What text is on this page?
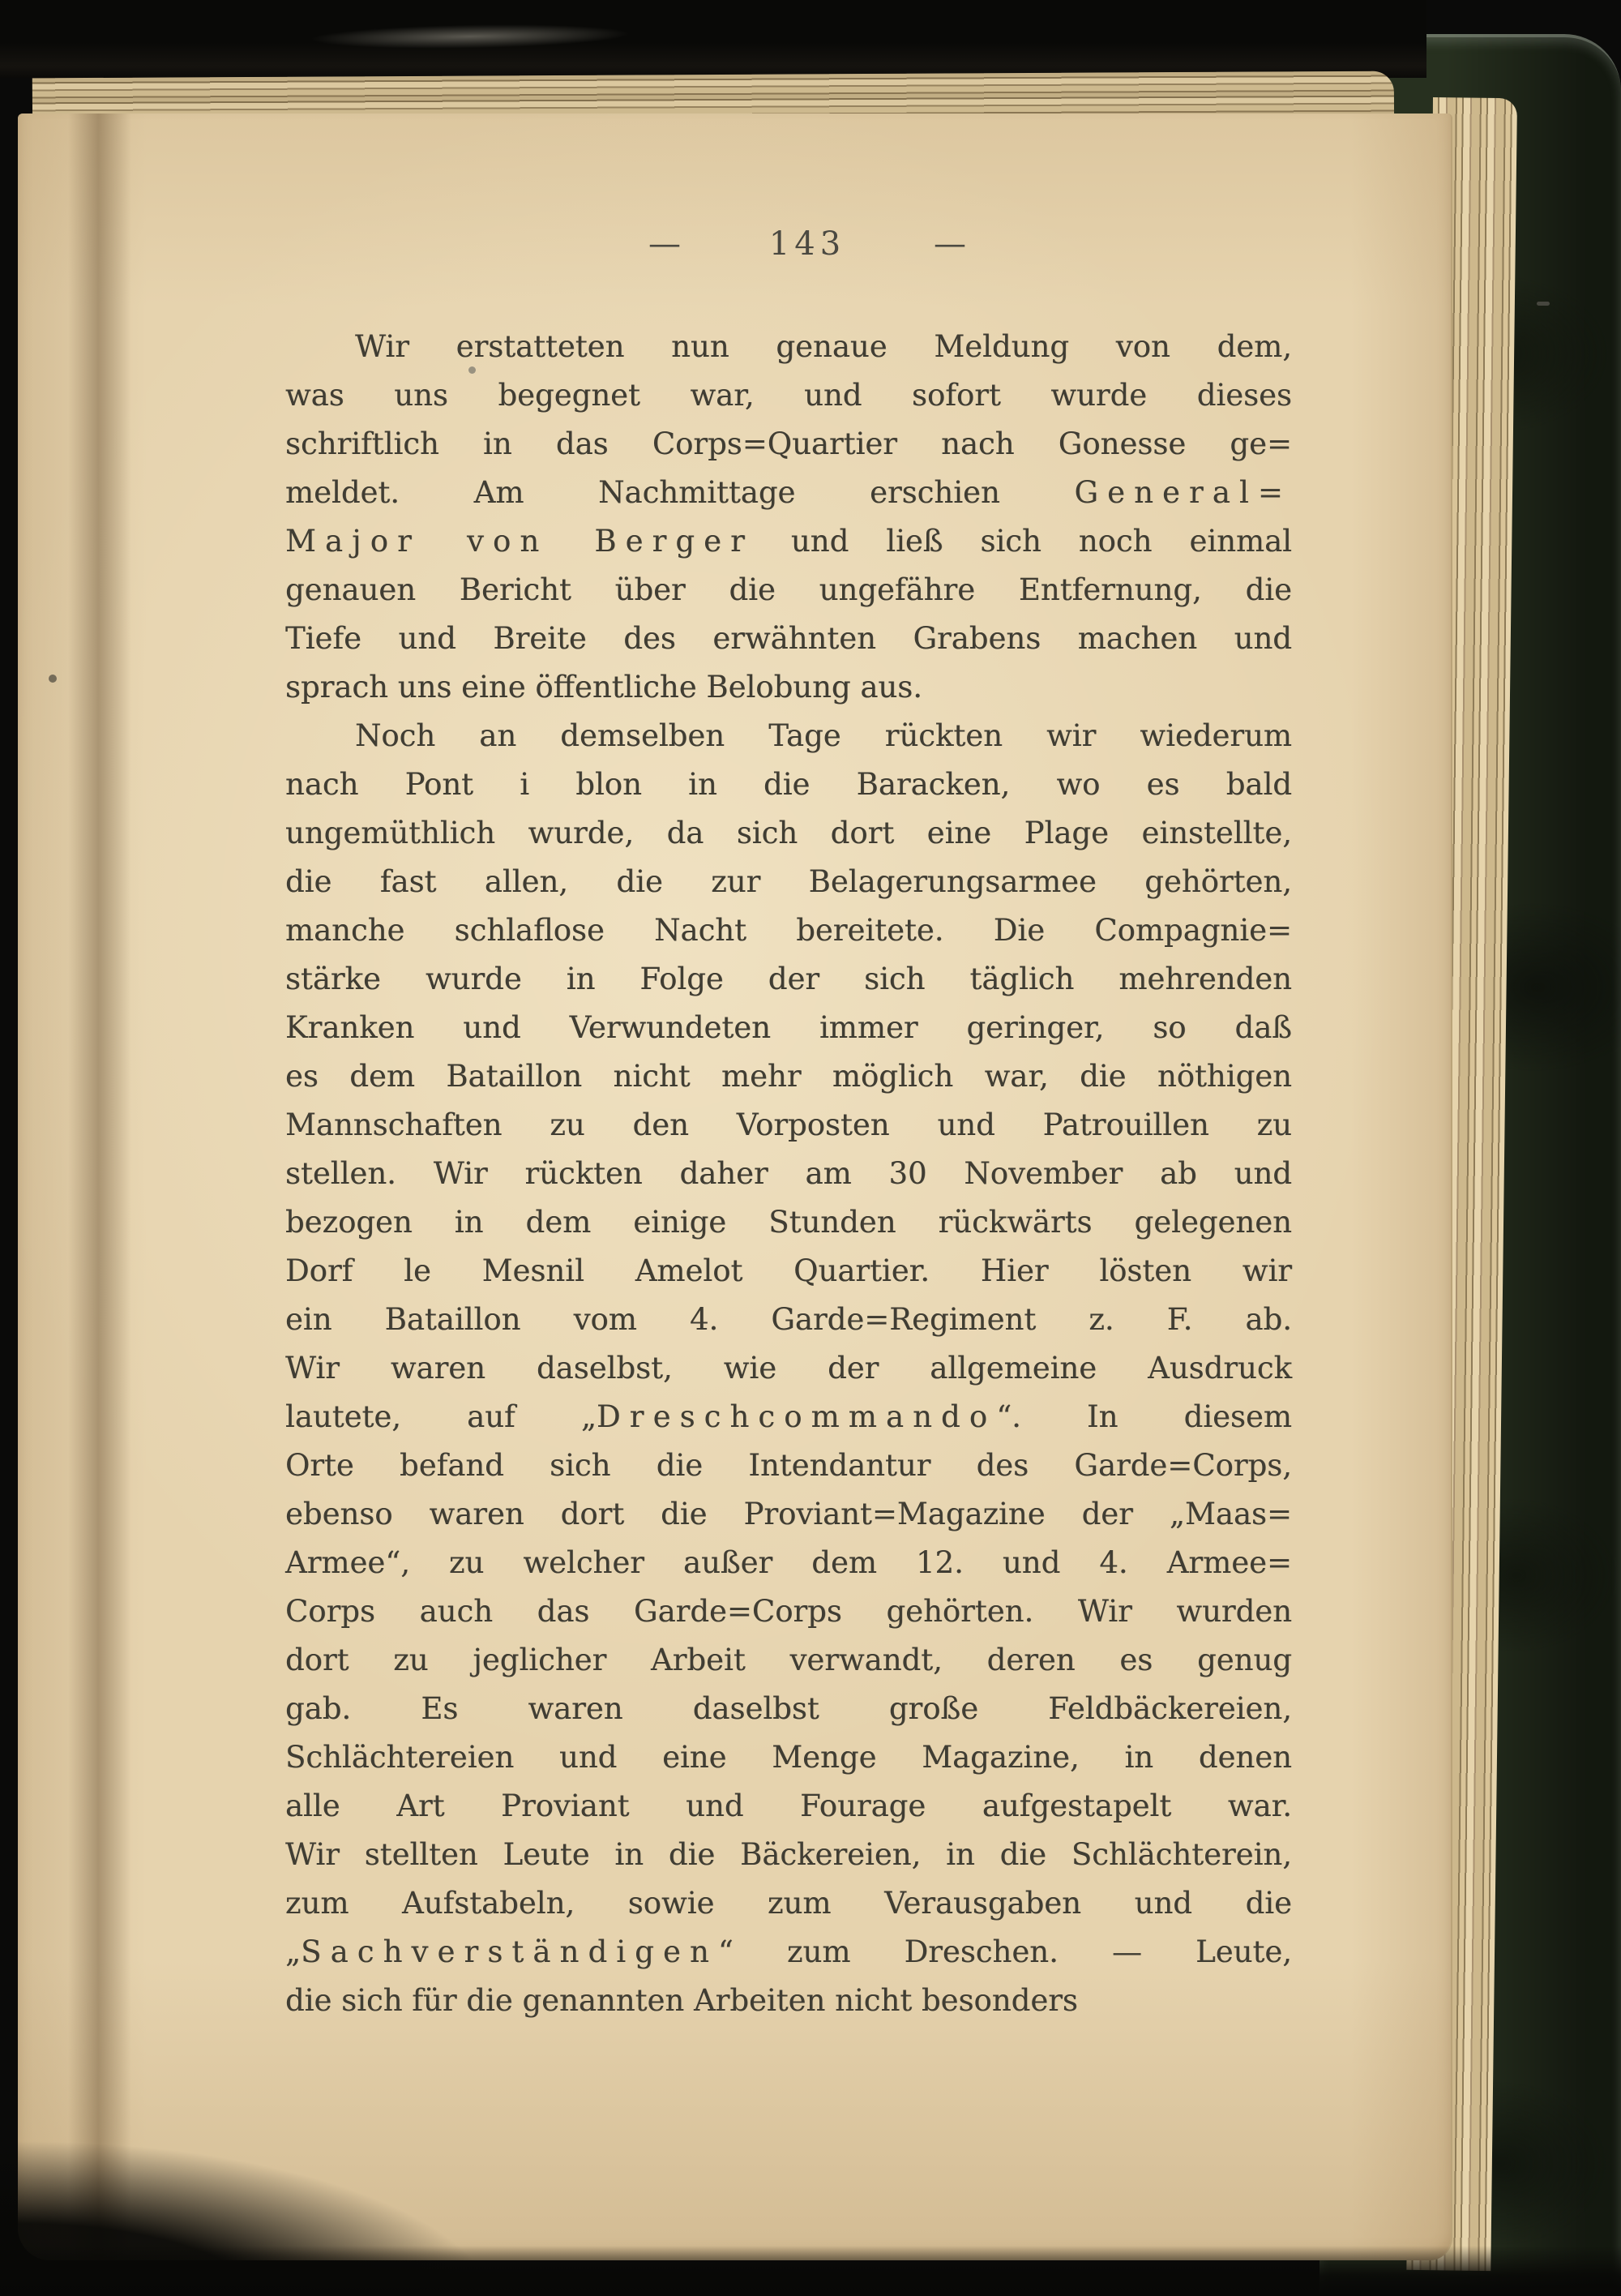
—	143	—
Wir erstatteten nun genaue Meldung von dem,
was uns begegnet war, und sofort wurde dieses
schriftlich in das Corps=Quartier nach Gonesse ge=
meldet. Am Nachmittage erschien General=
Major von Berger und ließ sich noch einmal
genauen Bericht über die ungefähre Entfernung, die
Tiefe und Breite des erwähnten Grabens machen und
sprach uns eine öffentliche Belobung aus.
Noch an demselben Tage rückten wir wiederum
nach Pont i blon in die Baracken, wo es bald
ungemüthlich wurde, da sich dort eine Plage einstellte,
die fast allen, die zur Belagerungsarmee gehörten,
manche schlaflose Nacht bereitete. Die Compagnie=
stärke wurde in Folge der sich täglich mehrenden
Kranken und Verwundeten immer geringer, so daß
es dem Bataillon nicht mehr möglich war, die nöthigen
Mannschaften zu den Vorposten und Patrouillen zu
stellen. Wir rückten daher am 30 November ab und
bezogen in dem einige Stunden rückwärts gelegenen
Dorf le Mesnil Amelot Quartier. Hier lösten wir
ein Bataillon vom 4. Garde=Regiment z. F. ab.
Wir waren daselbst, wie der allgemeine Ausdruck
lautete, auf „Dreschcommando“. In diesem
Orte befand sich die Intendantur des Garde=Corps,
ebenso waren dort die Proviant=Magazine der „Maas=
Armee“, zu welcher außer dem 12. und 4. Armee=
Corps auch das Garde=Corps gehörten. Wir wurden
dort zu jeglicher Arbeit verwandt, deren es genug
gab. Es waren daselbst große Feldbäckereien,
Schlächtereien und eine Menge Magazine, in denen
alle Art Proviant und Fourage aufgestapelt war.
Wir stellten Leute in die Bäckereien, in die Schlächterein,
zum Aufstabeln, sowie zum Verausgaben und die
„Sachverständigen“ zum Dreschen. — Leute,
die sich für die genannten Arbeiten nicht besonders
